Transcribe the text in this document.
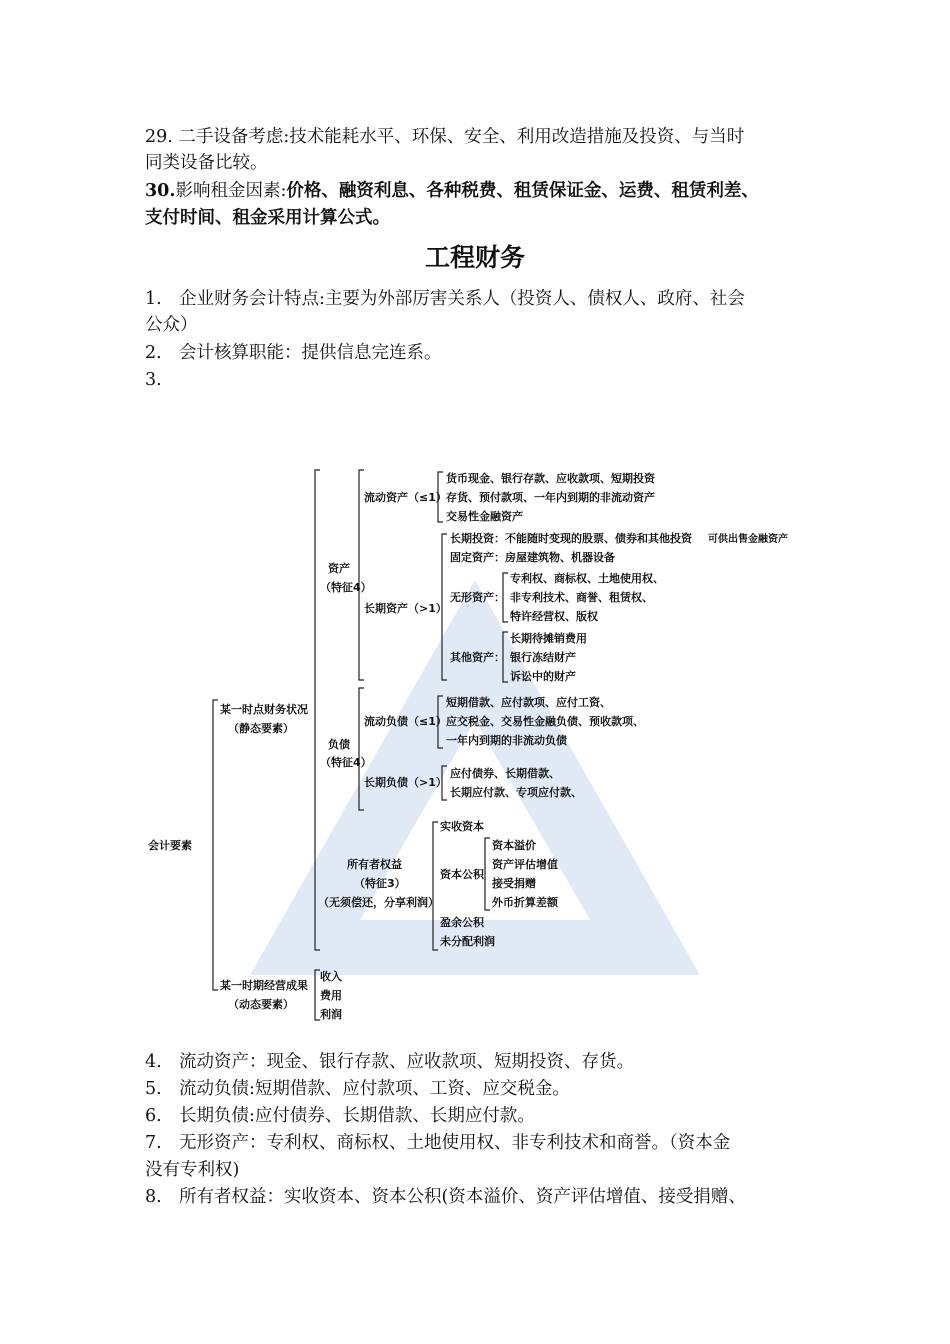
29. 二手设备考虑:技术能耗水平、环保、安全、利用改造措施及投资、与当时
同类设备比较。
30.影响租金因素:价格、融资利息、各种税费、租赁保证金、运费、租赁利差、
支付时间、租金采用计算公式。
工程财务
1. 企业财务会计特点:主要为外部厉害关系人（投资人、债权人、政府、社会
公众）
2. 会计核算职能：提供信息完连系。
3.
会计要素
某一时点财务状况
（静态要素）
某一时期经营成果
（动态要素）
资产
（特征4）
负债
（特征4）
所有者权益
（特征3）
（无须偿还，分享利润）
流动资产（≤1）
长期资产（>1）
流动负债（≤1）
长期负债（>1）
货币现金、银行存款、应收款项、短期投资
存货、预付款项、一年内到期的非流动资产
交易性金融资产
长期投资：不能随时变现的股票、债券和其他投资 可供出售金融资产
固定资产：房屋建筑物、机器设备
无形资产：
专利权、商标权、土地使用权、
非专利技术、商誉、租赁权、
特许经营权、版权
其他资产：
长期待摊销费用
银行冻结财产
诉讼中的财产
短期借款、应付款项、应付工资、
应交税金、交易性金融负债、预收款项、
一年内到期的非流动负债
应付债券、长期借款、
长期应付款、专项应付款、
实收资本
资本公积
资本溢价
资产评估增值
接受捐赠
外币折算差额
盈余公积
未分配利润
收入
费用
利润
4. 流动资产：现金、银行存款、应收款项、短期投资、存货。
5. 流动负债:短期借款、应付款项、工资、应交税金。
6. 长期负债:应付债券、长期借款、长期应付款。
7. 无形资产：专利权、商标权、土地使用权、非专利技术和商誉。（资本金
没有专利权)
8. 所有者权益：实收资本、资本公积(资本溢价、资产评估增值、接受捐赠、
